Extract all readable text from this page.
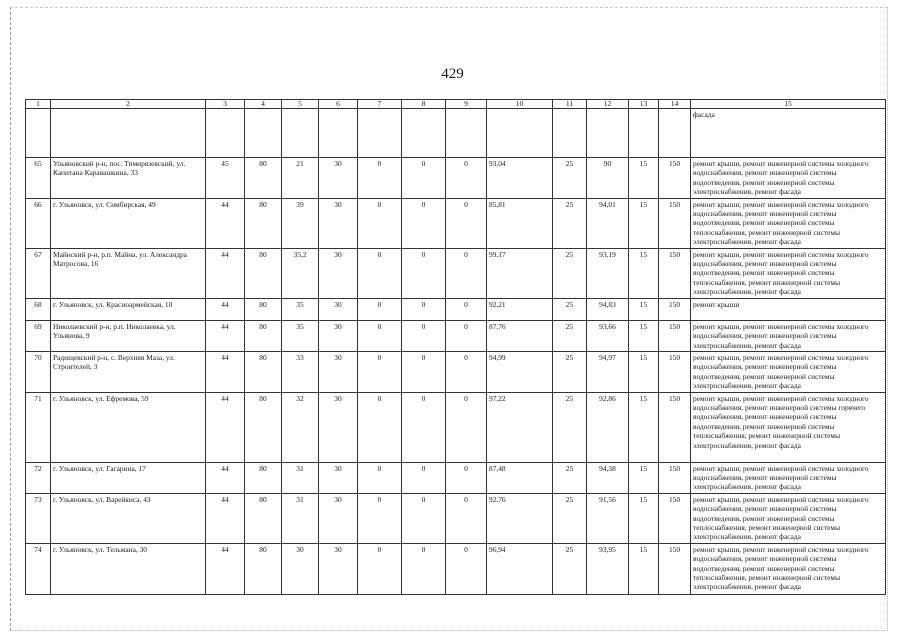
429
1	2	3	4	5	6	7	8	9	10	11	12	13	14	15
														фасада
65	Ульяновский р-н, пос. Тимирязевский, ул. Капитана Каравашкина, 33	45	80	21	30	0	0	0	93,04	25	90	15	150	ремонт крыши, ремонт инженерной системы холодного водоснабжения, ремонт инженерной системы водоотведения, ремонт инженерной системы электроснабжения, ремонт фасада
66	г. Ульяновск, ул. Симбирская, 49	44	80	39	30	0	0	0	85,81	25	94,01	15	150	ремонт крыши, ремонт инженерной системы холодного водоснабжения, ремонт инженерной системы водоотведения, ремонт инженерной системы теплоснабжения, ремонт инженерной системы электроснабжения, ремонт фасада
67	Майнский р-н, р.п. Майна, ул. Александра Матросова, 16	44	80	35,2	30	0	0	0	99,17	25	93,19	15	150	ремонт крыши, ремонт инженерной системы холодного водоснабжения, ремонт инженерной системы водоотведения, ремонт инженерной системы теплоснабжения, ремонт инженерной системы электроснабжения, ремонт фасада
68	г. Ульяновск, ул. Красноармейская, 10	44	80	35	30	0	0	0	92,21	25	94,83	15	150	ремонт крыши
69	Николаевский р-н, р.п. Николаевка, ул. Ульянова, 9	44	80	35	30	0	0	0	87,76	25	93,66	15	150	ремонт крыши, ремонт инженерной системы холодного водоснабжения, ремонт инженерной системы электроснабжения, ремонт фасада
70	Радищевский р-н, с. Верхняя Маза, ул. Строителей, 3	44	80	33	30	0	0	0	94,99	25	94,97	15	150	ремонт крыши, ремонт инженерной системы холодного водоснабжения, ремонт инженерной системы водоотведения, ремонт инженерной системы электроснабжения, ремонт фасада
71	г. Ульяновск, ул. Ефремова, 59	44	80	32	30	0	0	0	97,22	25	92,86	15	150	ремонт крыши, ремонт инженерной системы холодного водоснабжения, ремонт инженерной системы горячего водоснабжения, ремонт инженерной системы водоотведения, ремонт инженерной системы теплоснабжения, ремонт инженерной системы электроснабжения, ремонт фасада
72	г. Ульяновск, ул. Гагарина, 17	44	80	31	30	0	0	0	87,48	25	94,38	15	150	ремонт крыши, ремонт инженерной системы холодного водоснабжения, ремонт инженерной системы электроснабжения, ремонт фасада
73	г. Ульяновск, ул. Варейкиса, 43	44	80	31	30	0	0	0	92,76	25	91,56	15	150	ремонт крыши, ремонт инженерной системы холодного водоснабжения, ремонт инженерной системы водоотведения, ремонт инженерной системы теплоснабжения, ремонт инженерной системы электроснабжения, ремонт фасада
74	г. Ульяновск, ул. Тельмана, 30	44	80	30	30	0	0	0	96,94	25	93,95	15	150	ремонт крыши, ремонт инженерной системы холодного водоснабжения, ремонт инженерной системы водоотведения, ремонт инженерной системы теплоснабжения, ремонт инженерной системы электроснабжения, ремонт фасада
